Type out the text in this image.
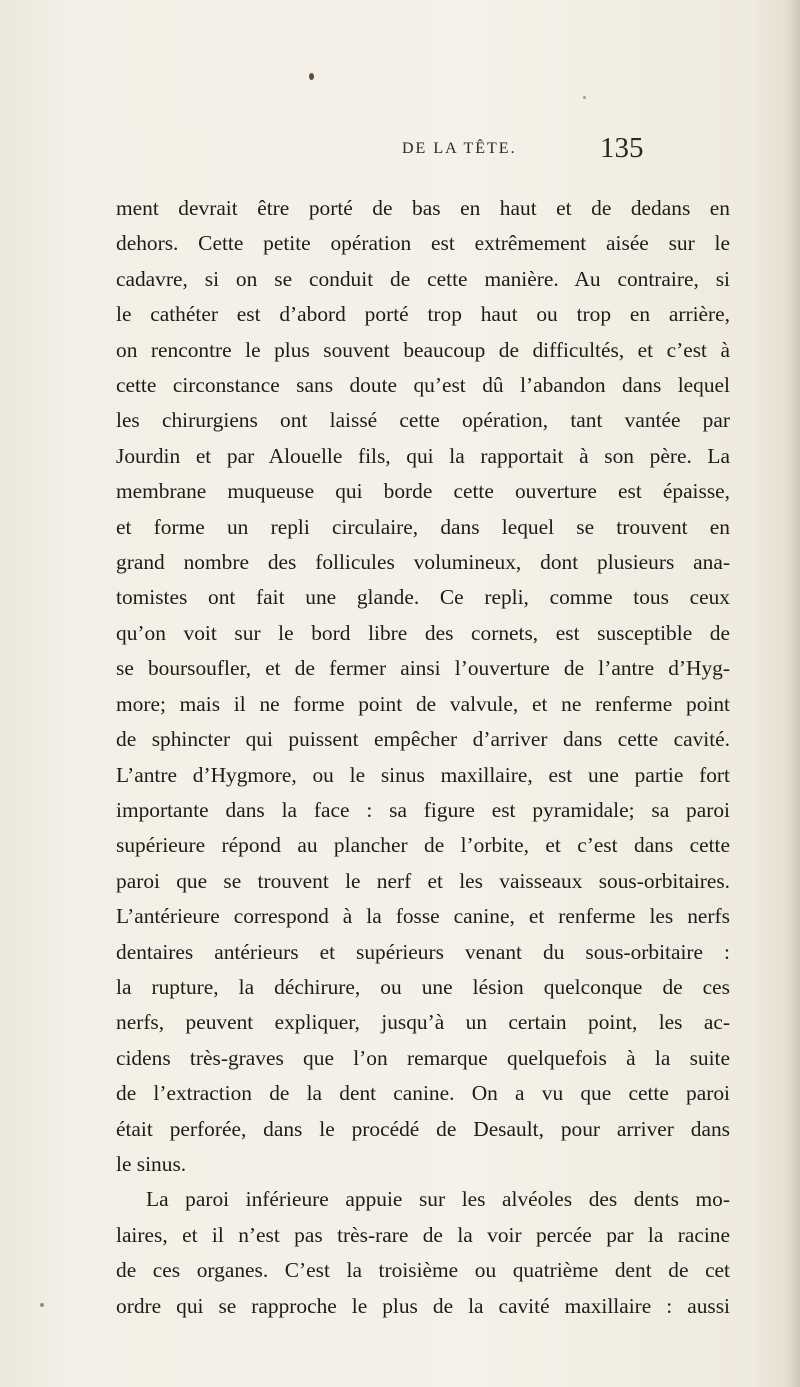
DE LA TÊTE.	135
ment devrait être porté de bas en haut et de dedans en
dehors. Cette petite opération est extrêmement aisée sur le
cadavre, si on se conduit de cette manière. Au contraire, si
le cathéter est d’abord porté trop haut ou trop en arrière,
on rencontre le plus souvent beaucoup de difficultés, et c’est à
cette circonstance sans doute qu’est dû l’abandon dans lequel
les chirurgiens ont laissé cette opération, tant vantée par
Jourdin et par Alouelle fils, qui la rapportait à son père. La
membrane muqueuse qui borde cette ouverture est épaisse,
et forme un repli circulaire, dans lequel se trouvent en
grand nombre des follicules volumineux, dont plusieurs ana-
tomistes ont fait une glande. Ce repli, comme tous ceux
qu’on voit sur le bord libre des cornets, est susceptible de
se boursoufler, et de fermer ainsi l’ouverture de l’antre d’Hyg-
more; mais il ne forme point de valvule, et ne renferme point
de sphincter qui puissent empêcher d’arriver dans cette cavité.
L’antre d’Hygmore, ou le sinus maxillaire, est une partie fort
importante dans la face : sa figure est pyramidale; sa paroi
supérieure répond au plancher de l’orbite, et c’est dans cette
paroi que se trouvent le nerf et les vaisseaux sous-orbitaires.
L’antérieure correspond à la fosse canine, et renferme les nerfs
dentaires antérieurs et supérieurs venant du sous-orbitaire :
la rupture, la déchirure, ou une lésion quelconque de ces
nerfs, peuvent expliquer, jusqu’à un certain point, les ac-
cidens très-graves que l’on remarque quelquefois à la suite
de l’extraction de la dent canine. On a vu que cette paroi
était perforée, dans le procédé de Desault, pour arriver dans
le sinus.
La paroi inférieure appuie sur les alvéoles des dents mo-
laires, et il n’est pas très-rare de la voir percée par la racine
de ces organes. C’est la troisième ou quatrième dent de cet
ordre qui se rapproche le plus de la cavité maxillaire : aussi
